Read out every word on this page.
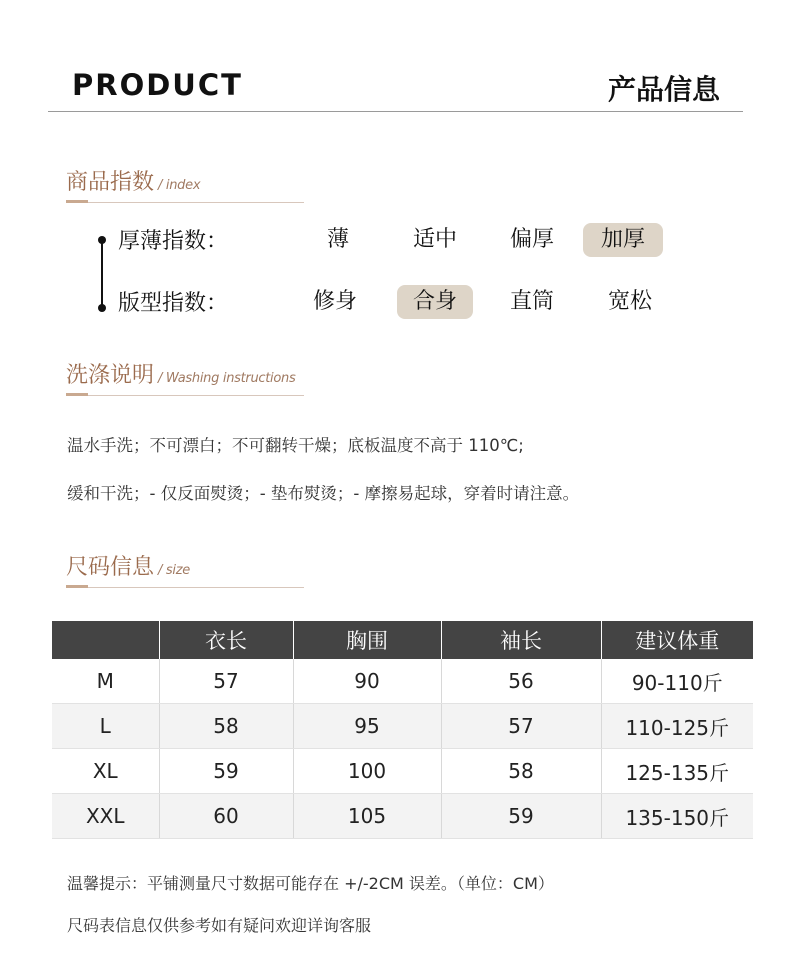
PRODUCT	产品信息
商品指数 / index
厚薄指数：	薄	适中	偏厚	加厚
版型指数：	修身	合身	直筒	宽松
洗涤说明 / Washing instructions
温水手洗；不可漂白；不可翻转干燥；底板温度不高于 110℃;
缓和干洗；- 仅反面熨烫；- 垫布熨烫；- 摩擦易起球，穿着时请注意。
尺码信息 / size
	衣长	胸围	袖长	建议体重
M	57	90	56	90-110斤
L	58	95	57	110-125斤
XL	59	100	58	125-135斤
XXL	60	105	59	135-150斤
温馨提示：平铺测量尺寸数据可能存在 +/-2CM 误差。（单位：CM）
尺码表信息仅供参考如有疑问欢迎详询客服
